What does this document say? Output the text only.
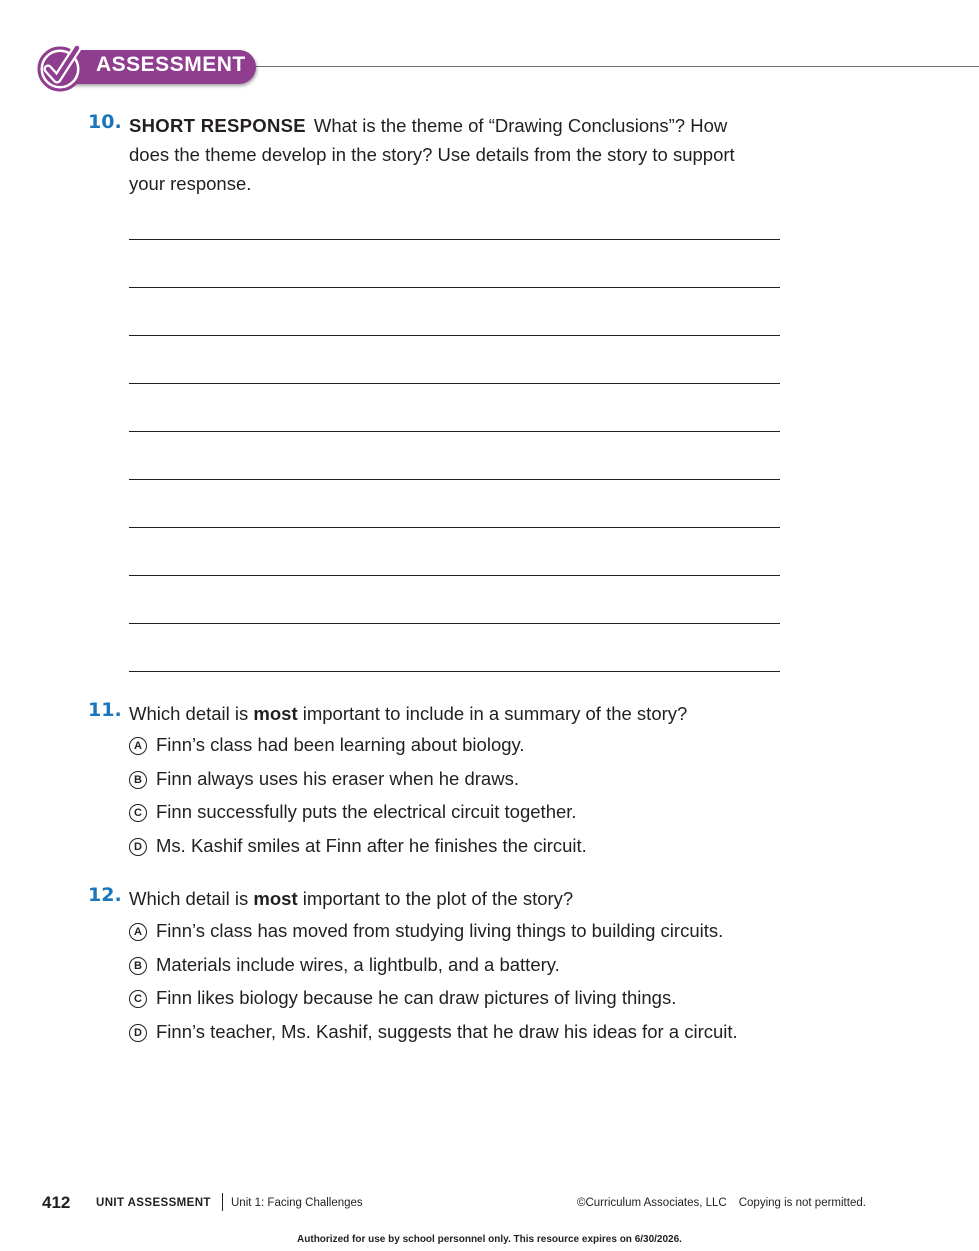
ASSESSMENT
10. SHORT RESPONSE What is the theme of “Drawing Conclusions”? How
does the theme develop in the story? Use details from the story to support
your response.
11. Which detail is most important to include in a summary of the story?
A Finn’s class had been learning about biology.
B Finn always uses his eraser when he draws.
C Finn successfully puts the electrical circuit together.
D Ms. Kashif smiles at Finn after he finishes the circuit.
12. Which detail is most important to the plot of the story?
A Finn’s class has moved from studying living things to building circuits.
B Materials include wires, a lightbulb, and a battery.
C Finn likes biology because he can draw pictures of living things.
D Finn’s teacher, Ms. Kashif, suggests that he draw his ideas for a circuit.
412 UNIT ASSESSMENT Unit 1: Facing Challenges	©Curriculum Associates, LLC Copying is not permitted.
Authorized for use by school personnel only. This resource expires on 6/30/2026.
